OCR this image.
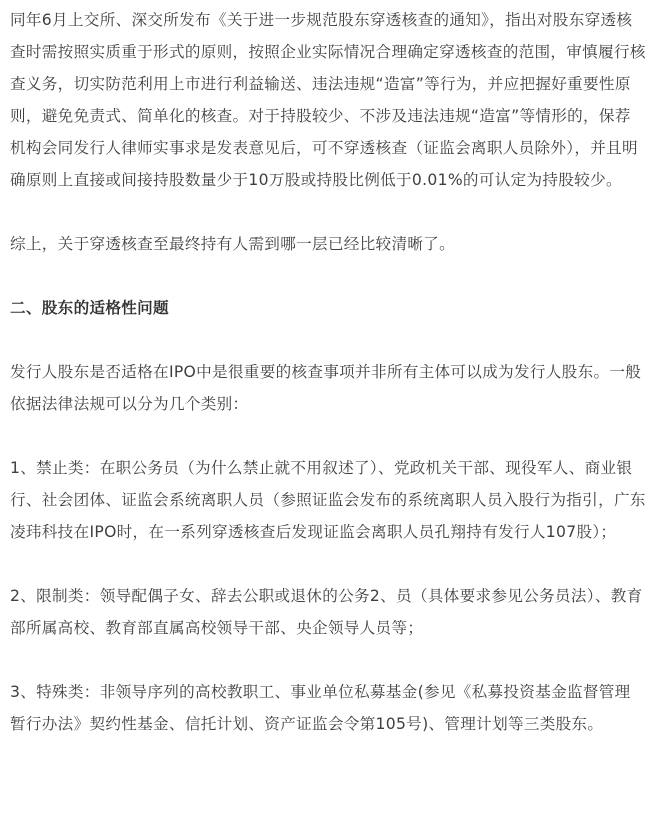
同年6月上交所、深交所发布《关于进一步规范股东穿透核查的通知》，指出对股东穿透核查时需按照实质重于形式的原则，按照企业实际情况合理确定穿透核查的范围，审慎履行核查义务，切实防范利用上市进行利益输送、违法违规“造富”等行为，并应把握好重要性原则，避免免责式、简单化的核查。对于持股较少、不涉及违法违规“造富”等情形的，保荐机构会同发行人律师实事求是发表意见后，可不穿透核查（证监会离职人员除外），并且明确原则上直接或间接持股数量少于10万股或持股比例低于0.01%的可认定为持股较少。

综上，关于穿透核查至最终持有人需到哪一层已经比较清晰了。

二、股东的适格性问题

发行人股东是否适格在IPO中是很重要的核查事项并非所有主体可以成为发行人股东。一般依据法律法规可以分为几个类别：

1、禁止类：在职公务员（为什么禁止就不用叙述了）、党政机关干部、现役军人、商业银行、社会团体、证监会系统离职人员（参照证监会发布的系统离职人员入股行为指引，广东凌玮科技在IPO时，在一系列穿透核查后发现证监会离职人员孔翔持有发行人107股）；

2、限制类：领导配偶子女、辞去公职或退休的公务2、员（具体要求参见公务员法）、教育部所属高校、教育部直属高校领导干部、央企领导人员等；

3、特殊类：非领导序列的高校教职工、事业单位私募基金(参见《私募投资基金监督管理暂行办法》契约性基金、信托计划、资产证监会令第105号)、管理计划等三类股东。
